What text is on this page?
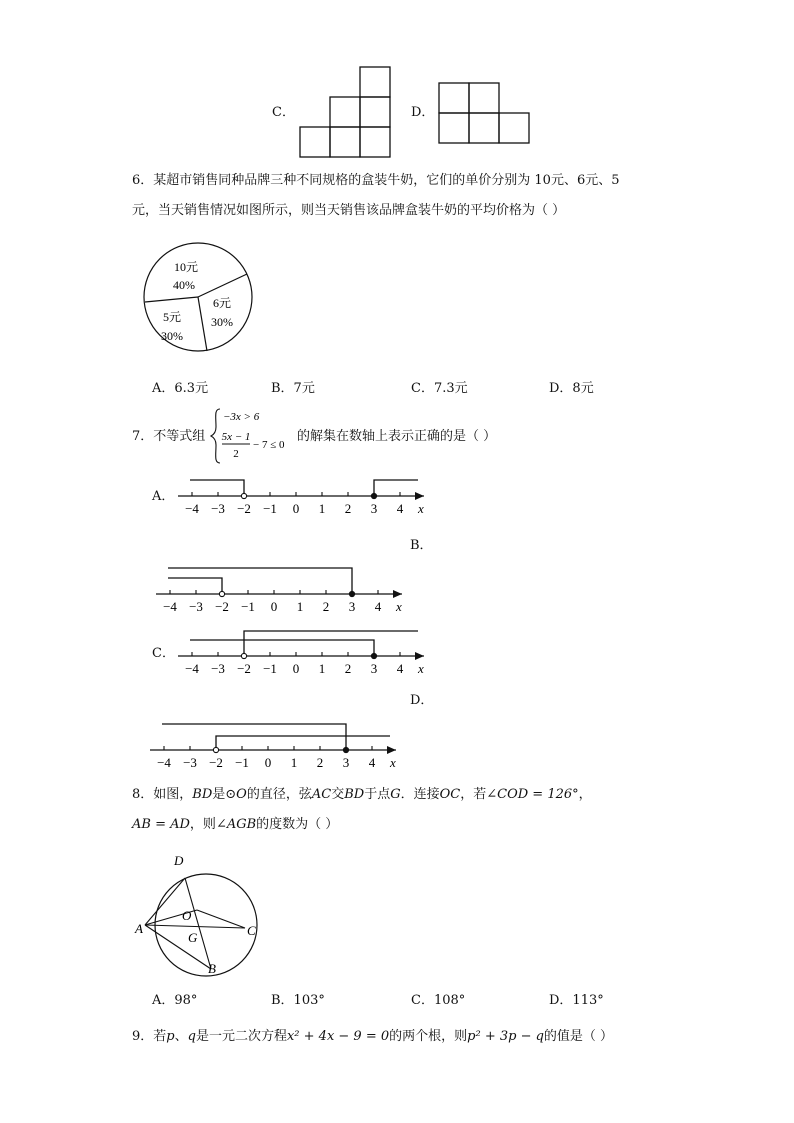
C．	D．
6．某超市销售同种品牌三种不同规格的盒装牛奶，它们的单价分别为 10元、6元、5
元，当天销售情况如图所示，则当天销售该品牌盒装牛奶的平均价格为（ ）
10元
40%
6元
30%
5元
30%
A．6.3元	B．7元	C．7.3元	D．8元
7．不等式组
−3x > 6
5x − 1
2
− 7 ≤ 0
的解集在数轴上表示正确的是（ ）
A．
−4 −3 −2 −1 0 1 2 3 4 x
B．
−4 −3 −2 −1 0 1 2 3 4 x
C．
−4 −3 −2 −1 0 1 2 3 4 x
D．
−4 −3 −2 −1 0 1 2 3 4 x
8．如图，BD是⊙O的直径，弦AC交BD于点G．连接OC，若∠COD = 126°，
AB = AD，则∠AGB的度数为（ ）
D
O
A
G	C
B
A．98°	B．103°	C．108°	D．113°
9．若p、q是一元二次方程x² + 4x − 9 = 0的两个根，则p² + 3p − q的值是（ ）
